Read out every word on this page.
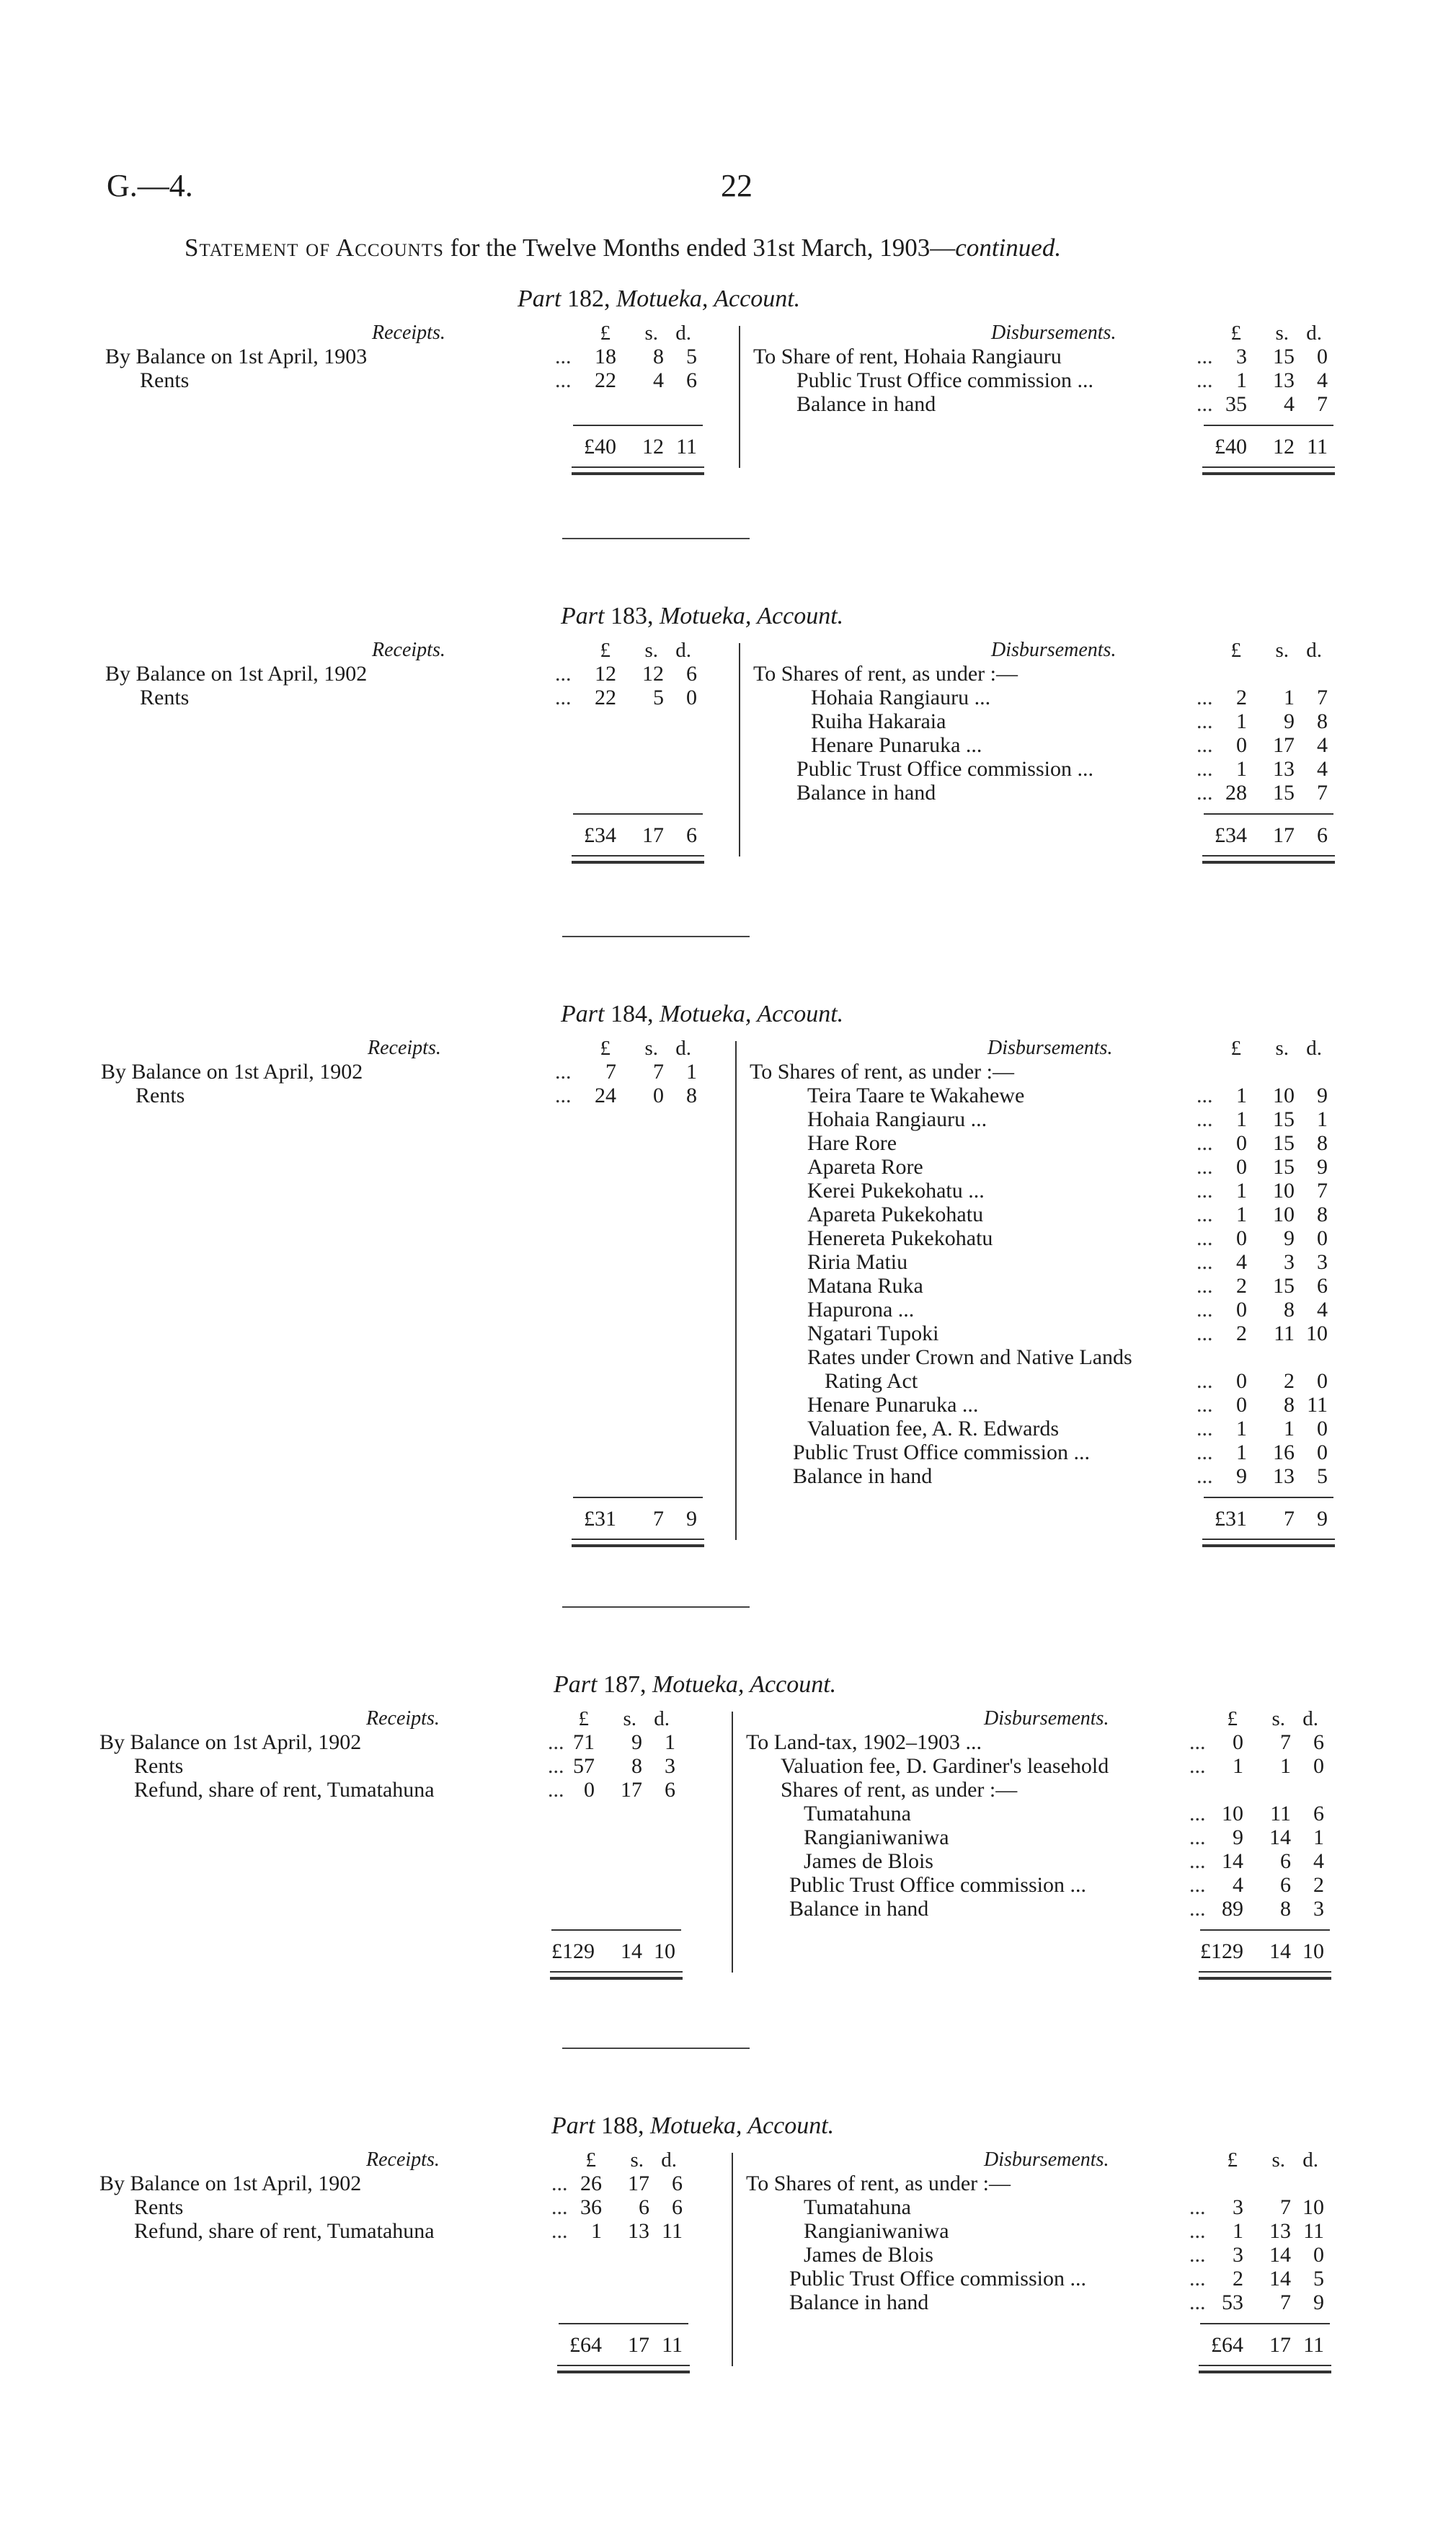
G.—4.	22
Statement of Accounts for the Twelve Months ended 31st March, 1903—continued.
Part 182, Motueka, Account.
Receipts.	Disbursements.
£	s. d.	£	s. d.
By Balance on 1st April, 1903	...	18	8	5
Rents	...	22	4	6
To Share of rent, Hohaia Rangiauru	...	3	15	0
Public Trust Office commission ...	...	1	13	4
Balance in hand	... 35	4	7
£40	12 11	£40	12 11
Part 183, Motueka, Account.
Receipts.	Disbursements.
£	s. d.	£	s. d.
By Balance on 1st April, 1902	...	12	12	6
Rents	...	22	5	0
To Shares of rent, as under :—
Hohaia Rangiauru ...	...	2	1	7
Ruiha Hakaraia	...	1	9	8
Henare Punaruka ...	...	0	17	4
Public Trust Office commission ...	...	1	13	4
Balance in hand	... 28	15	7
£34	17	6	£34	17	6
Part 184, Motueka, Account.
Receipts.	Disbursements.
£	s. d.	£	s. d.
By Balance on 1st April, 1902	...	7	7	1
Rents	...	24	0	8
To Shares of rent, as under :—
Teira Taare te Wakahewe	...	1	10	9
Hohaia Rangiauru ...	...	1	15	1
Hare Rore	...	0	15	8
Apareta Rore	...	0	15	9
Kerei Pukekohatu ...	...	1	10	7
Apareta Pukekohatu	...	1	10	8
Henereta Pukekohatu	...	0	9	0
Riria Matiu	...	4	3	3
Matana Ruka	...	2	15	6
Hapurona ...	...	0	8	4
Ngatari Tupoki	...	2	11 10
Rates under Crown and Native Lands
Rating Act	...	0	2	0
Henare Punaruka ...	...	0	8 11
Valuation fee, A. R. Edwards	...	1	1	0
Public Trust Office commission ...	...	1	16	0
Balance in hand	...	9	13	5
£31	7	9	£31	7	9
Part 187, Motueka, Account.
Receipts.	Disbursements.
£	s. d.	£	s. d.
By Balance on 1st April, 1902	... 71	9	1
Rents	... 57	8	3
Refund, share of rent, Tumatahuna	... 0	17	6
To Land-tax, 1902–1903 ...	...	0	7	6
Valuation fee, D. Gardiner's leasehold	...	1	1	0
Shares of rent, as under :—
Tumatahuna	... 10	11	6
Rangianiwaniwa	...	9	14	1
James de Blois	... 14	6	4
Public Trust Office commission ...	...	4	6	2
Balance in hand	... 89	8	3
£129	14 10	£129	14 10
Part 188, Motueka, Account.
Receipts.	Disbursements.
£	s. d.	£	s. d.
By Balance on 1st April, 1902	... 26	17	6
Rents	... 36	6	6
Refund, share of rent, Tumatahuna	...	1	13 11
To Shares of rent, as under :—
Tumatahuna	...	3	7 10
Rangianiwaniwa	...	1	13 11
James de Blois	...	3	14	0
Public Trust Office commission ...	...	2	14	5
Balance in hand	... 53	7	9
£64	17 11	£64	17 11
